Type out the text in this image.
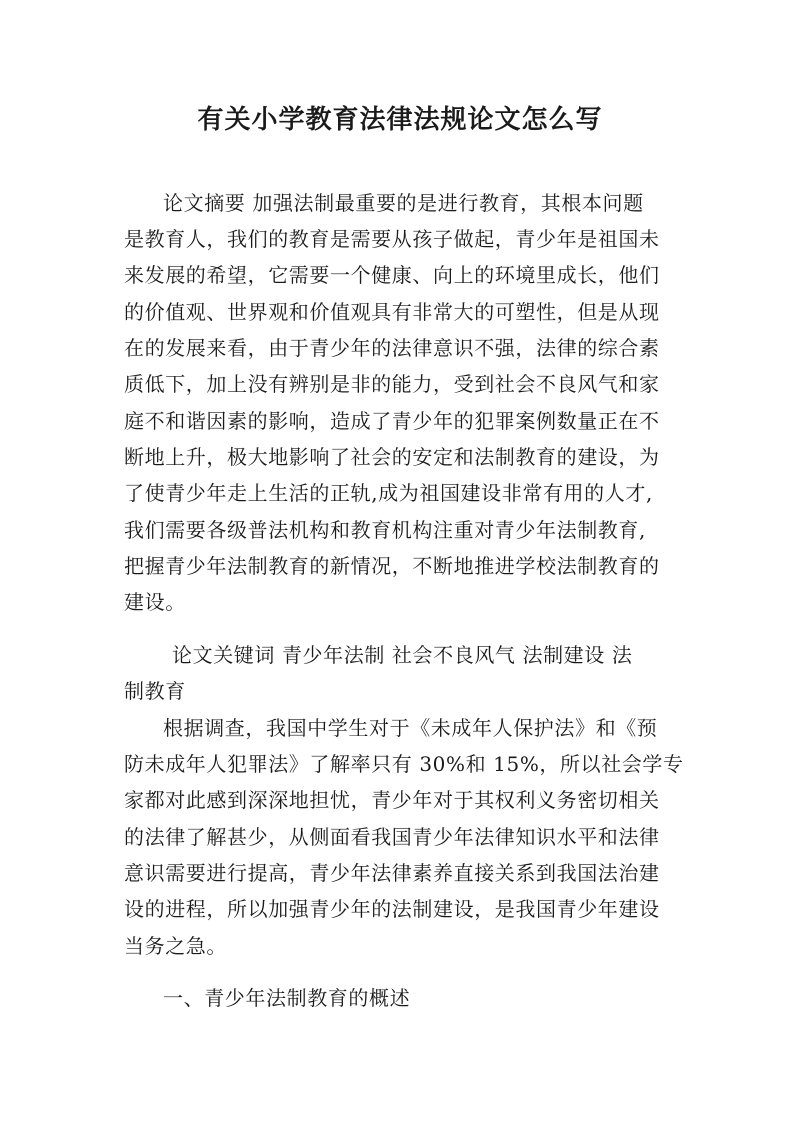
有关小学教育法律法规论文怎么写

论文摘要 加强法制最重要的是进行教育，其根本问题

是教育人，我们的教育是需要从孩子做起，青少年是祖国未

来发展的希望，它需要一个健康、向上的环境里成长，他们

的价值观、世界观和价值观具有非常大的可塑性，但是从现

在的发展来看，由于青少年的法律意识不强，法律的综合素

质低下，加上没有辨别是非的能力，受到社会不良风气和家

庭不和谐因素的影响，造成了青少年的犯罪案例数量正在不

断地上升，极大地影响了社会的安定和法制教育的建设，为

了使青少年走上生活的正轨,成为祖国建设非常有用的人才,

我们需要各级普法机构和教育机构注重对青少年法制教育,

把握青少年法制教育的新情况，不断地推进学校法制教育的

建设。

论文关键词 青少年法制 社会不良风气 法制建设 法

制教育

根据调查，我国中学生对于《未成年人保护法》和《预

防未成年人犯罪法》了解率只有 30%和 15%，所以社会学专

家都对此感到深深地担忧，青少年对于其权利义务密切相关

的法律了解甚少，从侧面看我国青少年法律知识水平和法律

意识需要进行提高，青少年法律素养直接关系到我国法治建

设的进程，所以加强青少年的法制建设，是我国青少年建设

当务之急。

一、青少年法制教育的概述
